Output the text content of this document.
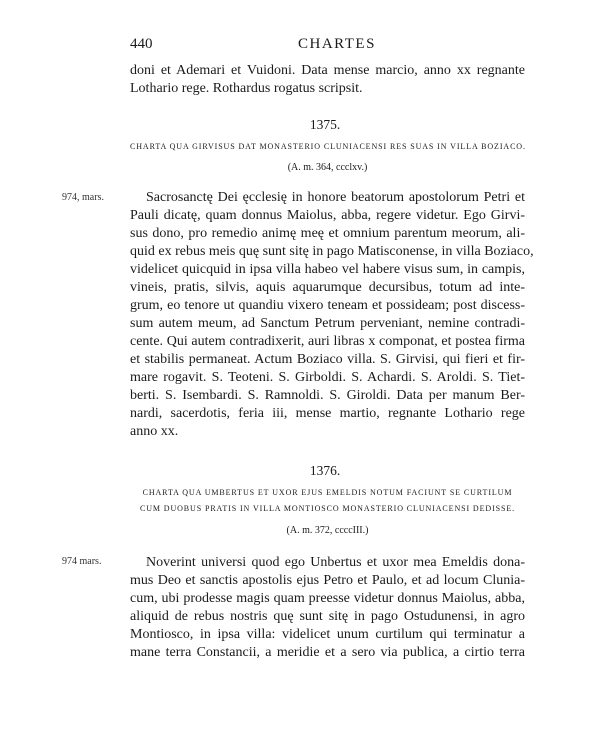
440	CHARTES
doni et Ademari et Vuidoni. Data mense marcio, anno xx regnante
Lothario rege. Rothardus rogatus scripsit.
1375.
CHARTA QUA GIRVISUS DAT MONASTERIO CLUNIACENSI RES SUAS IN VILLA BOZIACO.
(A. m. 364, ccclxv.)
974, mars.	Sacrosanctę Dei ęcclesię in honore beatorum apostolorum Petri et
Pauli dicatę, quam donnus Maiolus, abba, regere videtur. Ego Girvi-
sus dono, pro remedio animę meę et omnium parentum meorum, ali-
quid ex rebus meis quę sunt sitę in pago Matisconense, in villa Boziaco,
videlicet quicquid in ipsa villa habeo vel habere visus sum, in campis,
vineis, pratis, silvis, aquis aquarumque decursibus, totum ad inte-
grum, eo tenore ut quandiu vixero teneam et possideam; post discess-
sum autem meum, ad Sanctum Petrum perveniant, nemine contradi-
cente. Qui autem contradixerit, auri libras x componat, et postea firma
et stabilis permaneat. Actum Boziaco villa. S. Girvisi, qui fieri et fir-
mare rogavit. S. Teoteni. S. Girboldi. S. Achardi. S. Aroldi. S. Tiet-
berti. S. Isembardi. S. Ramnoldi. S. Giroldi. Data per manum Ber-
nardi, sacerdotis, feria iii, mense martio, regnante Lothario rege
anno xx.
1376.
CHARTA QUA UMBERTUS ET UXOR EJUS EMELDIS NOTUM FACIUNT SE CURTILUM
CUM DUOBUS PRATIS IN VILLA MONTIOSCO MONASTERIO CLUNIACENSI DEDISSE.
(A. m. 372, ccccIII.)
974 mars.	Noverint universi quod ego Unbertus et uxor mea Emeldis dona-
mus Deo et sanctis apostolis ejus Petro et Paulo, et ad locum Clunia-
cum, ubi prodesse magis quam preesse videtur donnus Maiolus, abba,
aliquid de rebus nostris quę sunt sitę in pago Ostudunensi, in agro
Montiosco, in ipsa villa: videlicet unum curtilum qui terminatur a
mane terra Constancii, a meridie et a sero via publica, a cirtio terra
